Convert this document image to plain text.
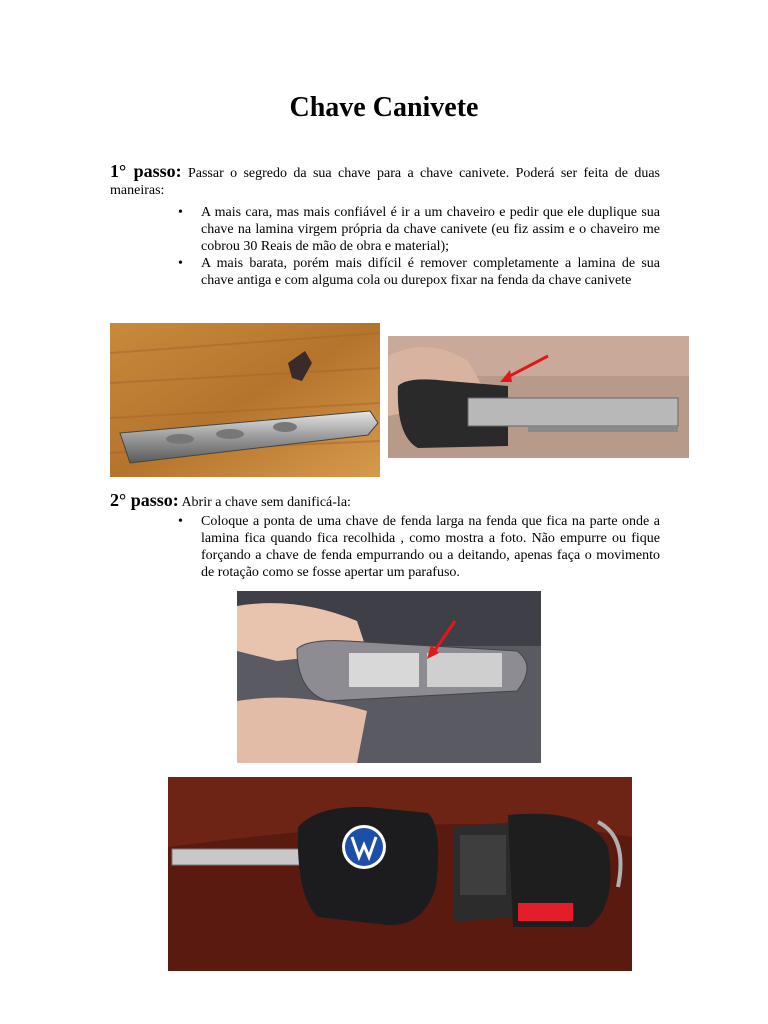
Chave Canivete

1° passo: Passar o segredo da sua chave para a chave canivete. Poderá ser feita de duas maneiras:

• A mais cara, mas mais confiável é ir a um chaveiro e pedir que ele duplique sua chave na lamina virgem própria da chave canivete (eu fiz assim e o chaveiro me cobrou 30 Reais de mão de obra e material);
• A mais barata, porém mais difícil é remover completamente a lamina de sua chave antiga e com alguma cola ou durepox fixar na fenda da chave canivete

2° passo: Abrir a chave sem danificá-la:

• Coloque a ponta de uma chave de fenda larga na fenda que fica na parte onde a lamina fica quando fica recolhida , como mostra a foto. Não empurre ou fique forçando a chave de fenda empurrando ou a deitando, apenas faça o movimento de rotação como se fosse apertar um parafuso.
